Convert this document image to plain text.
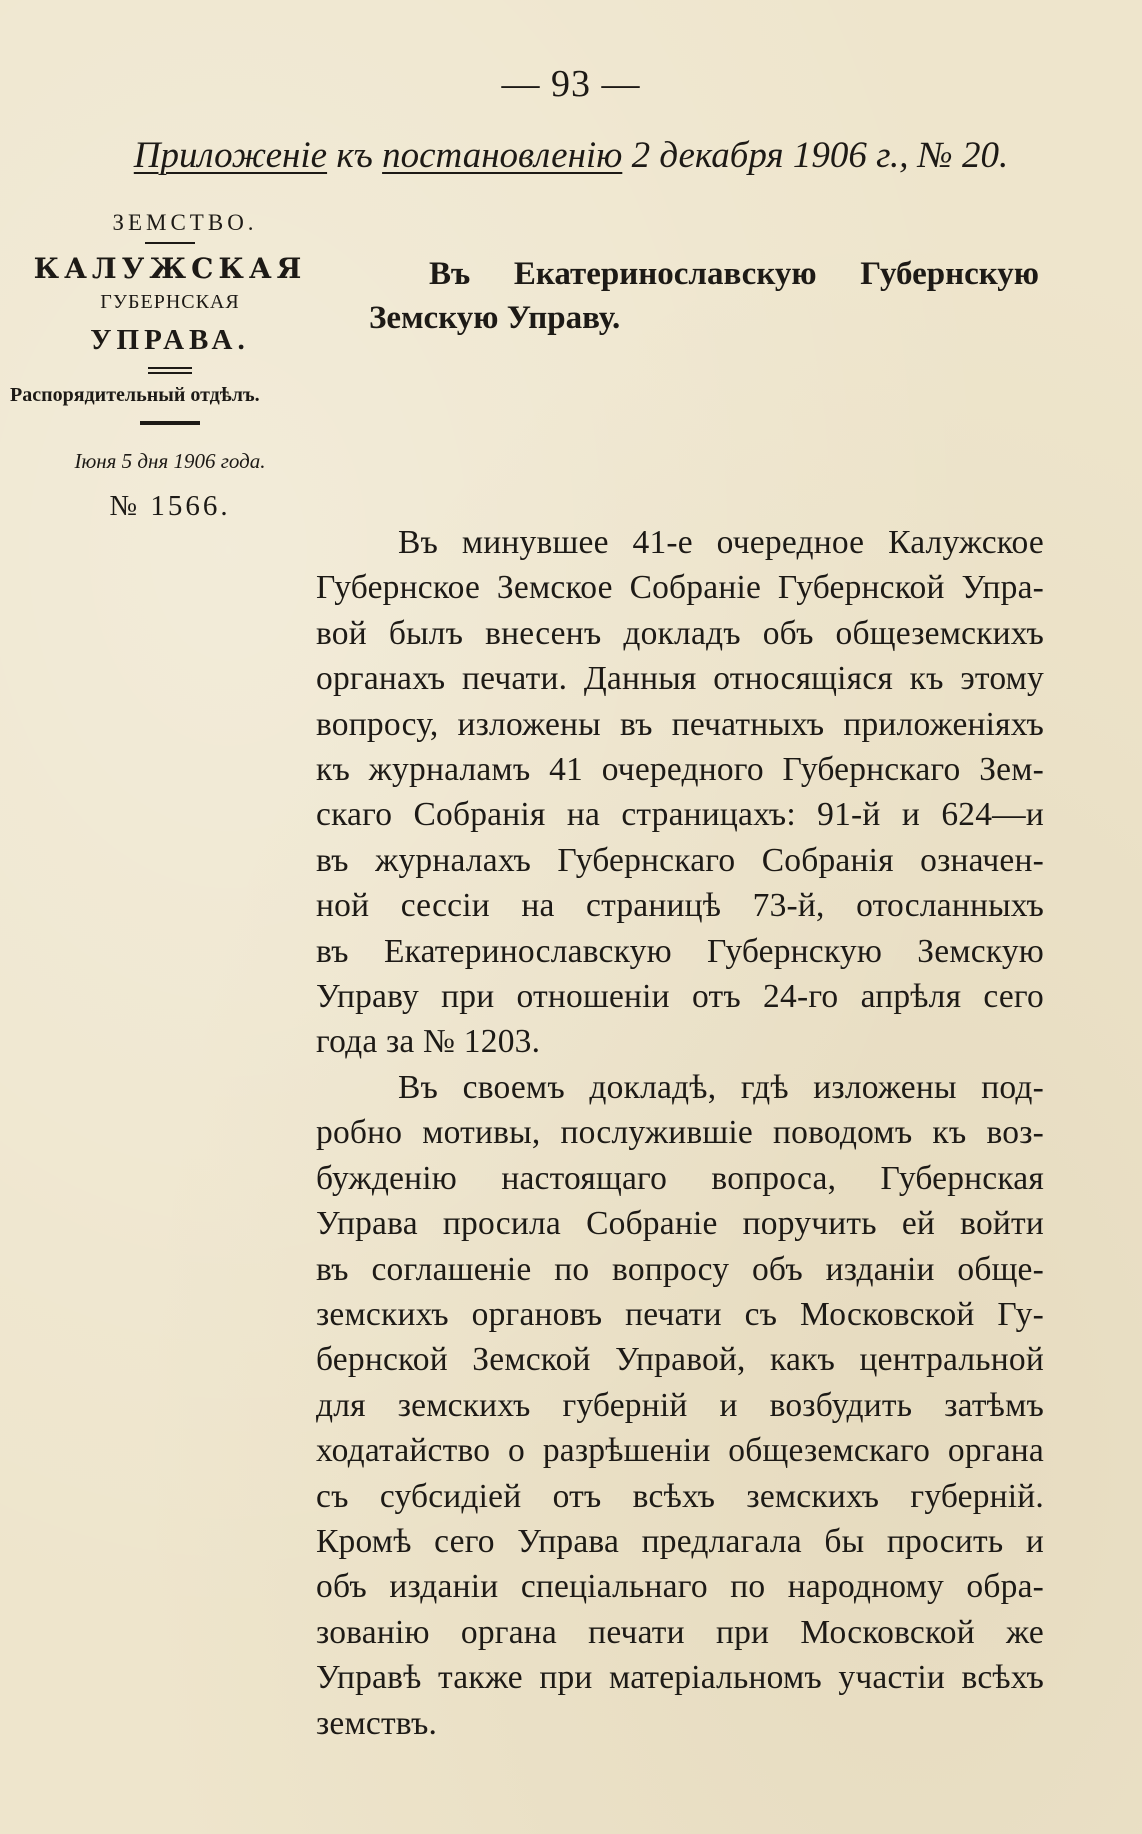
— 93 —
Приложеніе къ постановленію 2 декабря 1906 г., № 20.
ЗЕМСТВО.
КАЛУЖСКАЯ
ГУБЕРНСКАЯ
УПРАВА.
Распорядительный отдѣлъ.
Іюня 5 дня 1906 года.
№ 1566.
Въ Екатеринославскую Губернскую
Земскую Управу.
Въ минувшее 41-е очередное Калужское
Губернское Земское Собраніе Губернской Упра-
вой былъ внесенъ докладъ объ общеземскихъ
органахъ печати. Данныя относящіяся къ этому
вопросу, изложены въ печатныхъ приложеніяхъ
къ журналамъ 41 очередного Губернскаго Зем-
скаго Собранія на страницахъ: 91-й и 624—и
въ журналахъ Губернскаго Собранія означен-
ной сессіи на страницѣ 73-й, отосланныхъ
въ Екатеринославскую Губернскую Земскую
Управу при отношеніи отъ 24-го апрѣля сего
года за № 1203.
Въ своемъ докладѣ, гдѣ изложены под-
робно мотивы, послужившіе поводомъ къ воз-
бужденію настоящаго вопроса, Губернская
Управа просила Собраніе поручить ей войти
въ соглашеніе по вопросу объ изданіи обще-
земскихъ органовъ печати съ Московской Гу-
бернской Земской Управой, какъ центральной
для земскихъ губерній и возбудить затѣмъ
ходатайство о разрѣшеніи общеземскаго органа
съ субсидіей отъ всѣхъ земскихъ губерній.
Кромѣ сего Управа предлагала бы просить и
объ изданіи спеціальнаго по народному обра-
зованію органа печати при Московской же
Управѣ также при матеріальномъ участіи всѣхъ
земствъ.
